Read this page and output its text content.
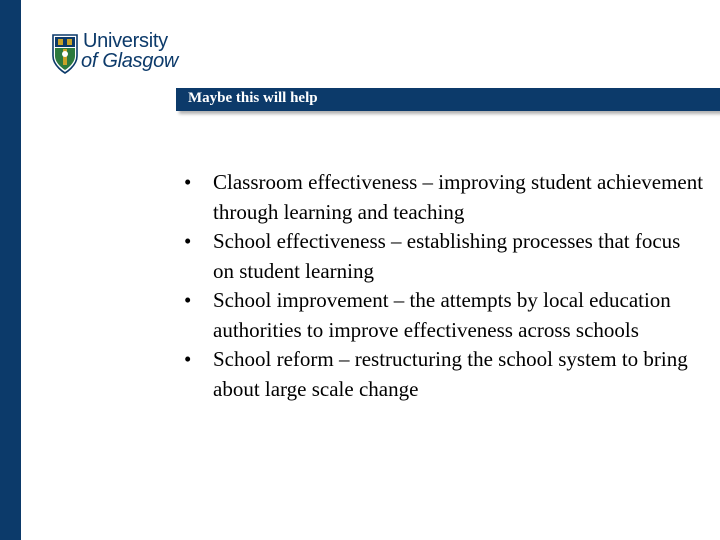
University
of Glasgow
Maybe this will help
• Classroom effectiveness – improving student achievement through learning and teaching
• School effectiveness – establishing processes that focus on student learning
• School improvement – the attempts by local education authorities to improve effectiveness across schools
• School reform – restructuring the school system to bring about large scale change
